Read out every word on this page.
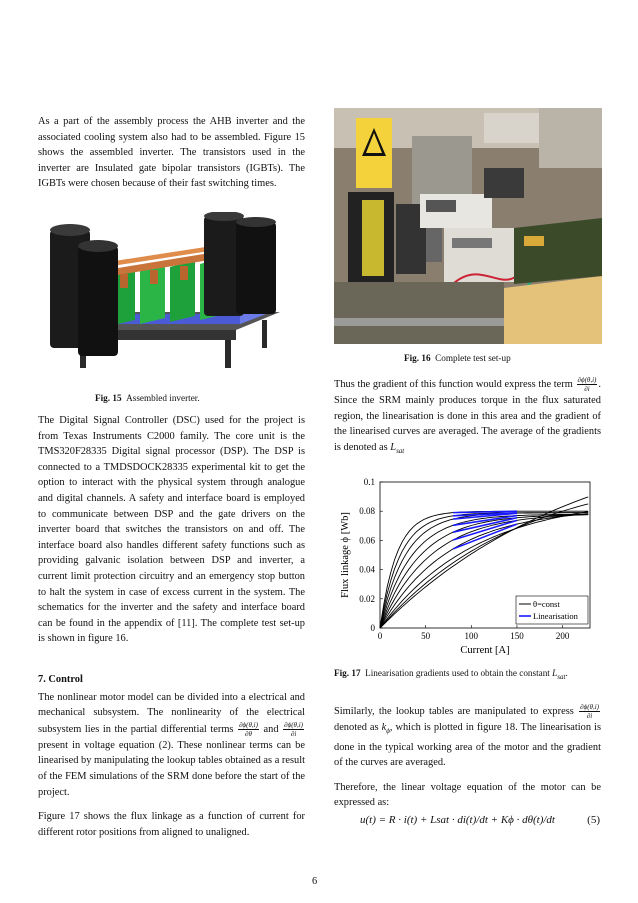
As a part of the assembly process the AHB inverter and the associated cooling system also had to be assembled. Figure 15 shows the assembled inverter. The transistors used in the inverter are Insulated gate bipolar transistors (IGBTs). The IGBTs were chosen because of their fast switching times.

Fig. 15 Assembled inverter.

The Digital Signal Controller (DSC) used for the project is from Texas Instruments C2000 family. The core unit is the TMS320F28335 Digital signal processor (DSP). The DSP is connected to a TMDSDOCK28335 experimental kit to get the option to interact with the physical system through analogue and digital channels. A safety and interface board is employed to communicate between DSP and the gate drivers on the inverter board that switches the transistors on and off. The interface board also handles different safety functions such as providing galvanic isolation between DSP and inverter, a current limit protection circuitry and an emergency stop button to halt the system in case of excess current in the system. The schematics for the inverter and the safety and interface board can be found in the appendix of [11]. The complete test set-up is shown in figure 16.

7. Control

The nonlinear motor model can be divided into a electrical and mechanical subsystem. The nonlinearity of the electrical subsystem lies in the partial differential terms $\frac{\partial\phi(\theta,i)}{\partial\theta}$ and $\frac{\partial\phi(\theta,i)}{\partial i}$
present in voltage equation (2). These nonlinear terms can be linearised by manipulating the lookup tables obtained as a result of the FEM simulations of the SRM done before the start of the project.

Figure 17 shows the flux linkage as a function of current for different rotor positions from aligned to unaligned.

Fig. 16 Complete test set-up

Thus the gradient of this function would express the term $\frac{\partial\phi(\theta,i)}{\partial i}$ . Since the SRM mainly produces torque in the flux saturated region, the linearisation is done in this area and the gradient of the linearised curves are averaged. The average of the gradients is denoted as $L_{sat}$

0
0.02
0.04
0.06
0.08
0.1
0	50	100	150	200
Current [A]
Flux linkage ϕ [Wb]
θ=const
Linearisation
Fig. 17 Linearisation gradients used to obtain the constant $L_{sat}$.

Similarly, the lookup tables are manipulated to express $\frac{\partial\phi(\theta,i)}{\partial i}$
denoted as $k_\phi$, which is plotted in figure 18. The linearisation is done in the typical working area of the motor and the gradient of the curves are averaged.

Therefore, the linear voltage equation of the motor can be expressed as:

u(t) = R · i(t) + Lsat · di(t)/dt + Kϕ · dθ(t)/dt	(5)
6
